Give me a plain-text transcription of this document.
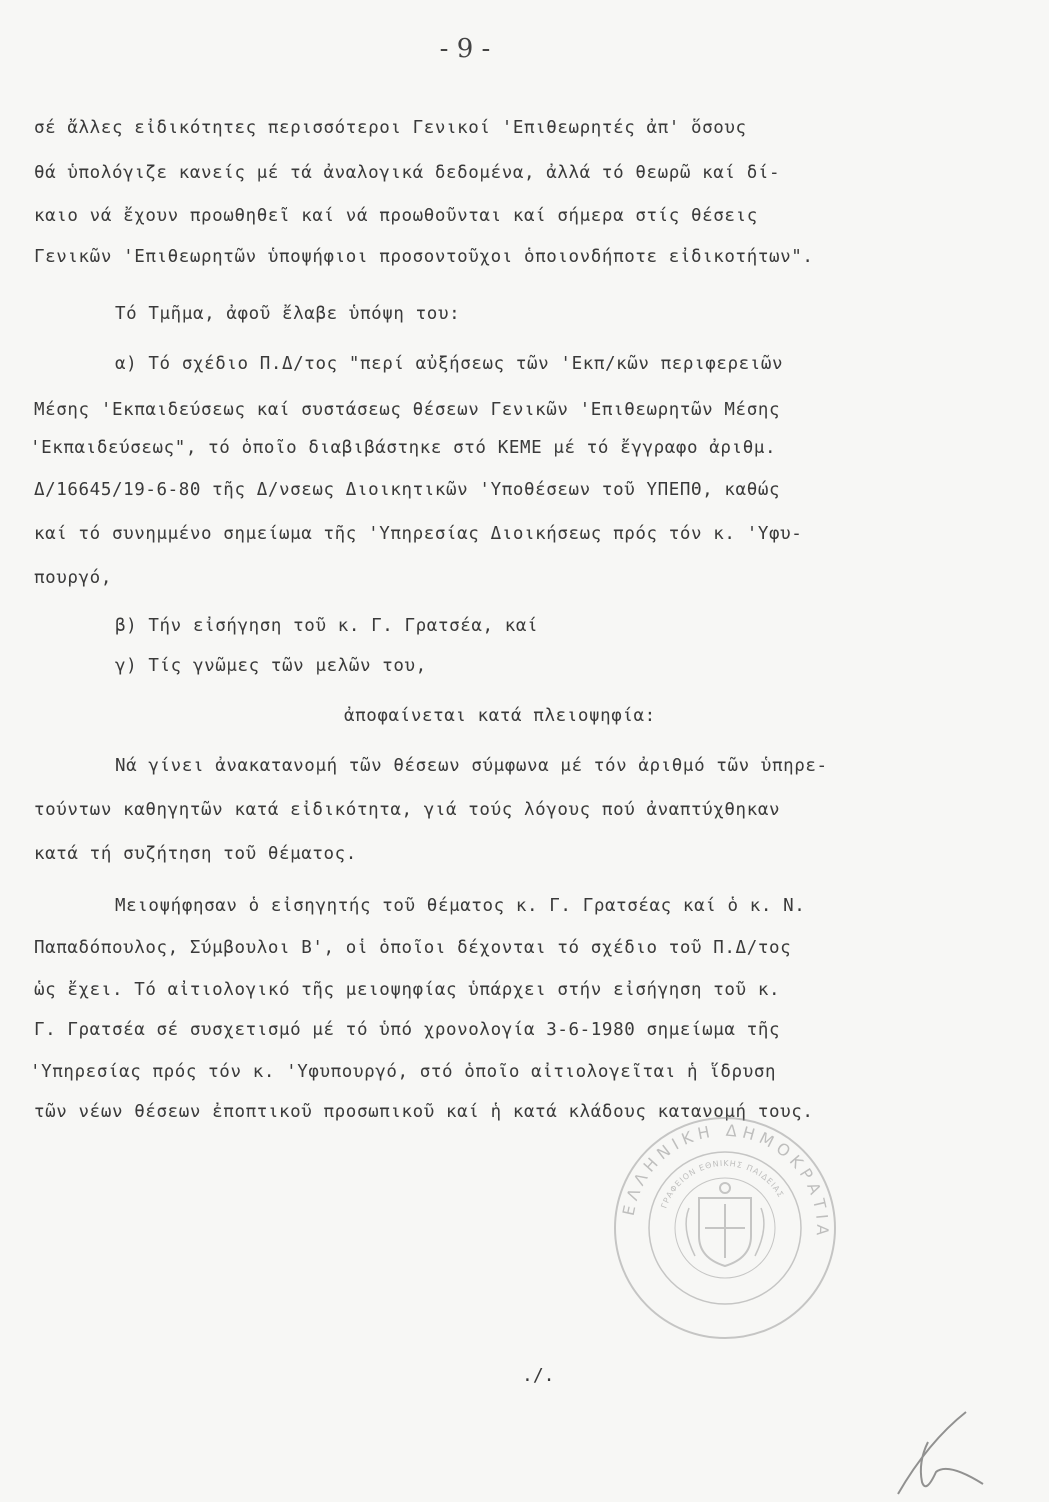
- 9 -
σέ ἄλλες εἰδικότητες περισσότεροι Γενικοί 'Επιθεωρητές ἀπ' ὅσους
θά ὑπολόγιζε κανείς μέ τά ἀναλογικά δεδομένα, ἀλλά τό θεωρῶ καί δί-
καιο νά ἔχουν προωθηθεῖ καί νά προωθοῦνται καί σήμερα στίς θέσεις
Γενικῶν 'Επιθεωρητῶν ὑποψήφιοι προσοντοῦχοι ὁποιονδήποτε εἰδικοτήτων".
Τό Τμῆμα, ἀφοῦ ἔλαβε ὑπόψη του:
α) Τό σχέδιο Π.Δ/τος "περί αὐξήσεως τῶν 'Εκπ/κῶν περιφερειῶν
Μέσης 'Εκπαιδεύσεως καί συστάσεως θέσεων Γενικῶν 'Επιθεωρητῶν Μέσης
'Εκπαιδεύσεως", τό ὁποῖο διαβιβάστηκε στό ΚΕΜΕ μέ τό ἔγγραφο ἀριθμ.
Δ/16645/19-6-80 τῆς Δ/νσεως Διοικητικῶν 'Υποθέσεων τοῦ ΥΠΕΠΘ, καθώς
καί τό συνημμένο σημείωμα τῆς 'Υπηρεσίας Διοικήσεως πρός τόν κ. 'Υφυ-
πουργό,
β) Τήν εἰσήγηση τοῦ κ. Γ. Γρατσέα, καί
γ) Τίς γνῶμες τῶν μελῶν του,
ἀποφαίνεται κατά πλειοψηφία:
Νά γίνει ἀνακατανομή τῶν θέσεων σύμφωνα μέ τόν ἀριθμό τῶν ὑπηρε-
τούντων καθηγητῶν κατά εἰδικότητα, γιά τούς λόγους πού ἀναπτύχθηκαν
κατά τή συζήτηση τοῦ θέματος.
Μειοψήφησαν ὁ εἰσηγητής τοῦ θέματος κ. Γ. Γρατσέας καί ὁ κ. Ν.
Παπαδόπουλος, Σύμβουλοι Β', οἱ ὁποῖοι δέχονται τό σχέδιο τοῦ Π.Δ/τος
ὡς ἔχει. Τό αἰτιολογικό τῆς μειοψηφίας ὑπάρχει στήν εἰσήγηση τοῦ κ.
Γ. Γρατσέα σέ συσχετισμό μέ τό ὑπό χρονολογία 3-6-1980 σημείωμα τῆς
'Υπηρεσίας πρός τόν κ. 'Υφυπουργό, στό ὁποῖο αἰτιολογεῖται ἡ ἵδρυση
τῶν νέων θέσεων ἐποπτικοῦ προσωπικοῦ καί ἡ κατά κλάδους κατανομή τους.
ΕΛΛΗΝΙΚΗ ΔΗΜΟΚΡΑΤΙΑ
ΓΡΑΦΕΙΟΝ ΕΘΝΙΚΗΣ ΠΑΙΔΕΙΑΣ
./.
